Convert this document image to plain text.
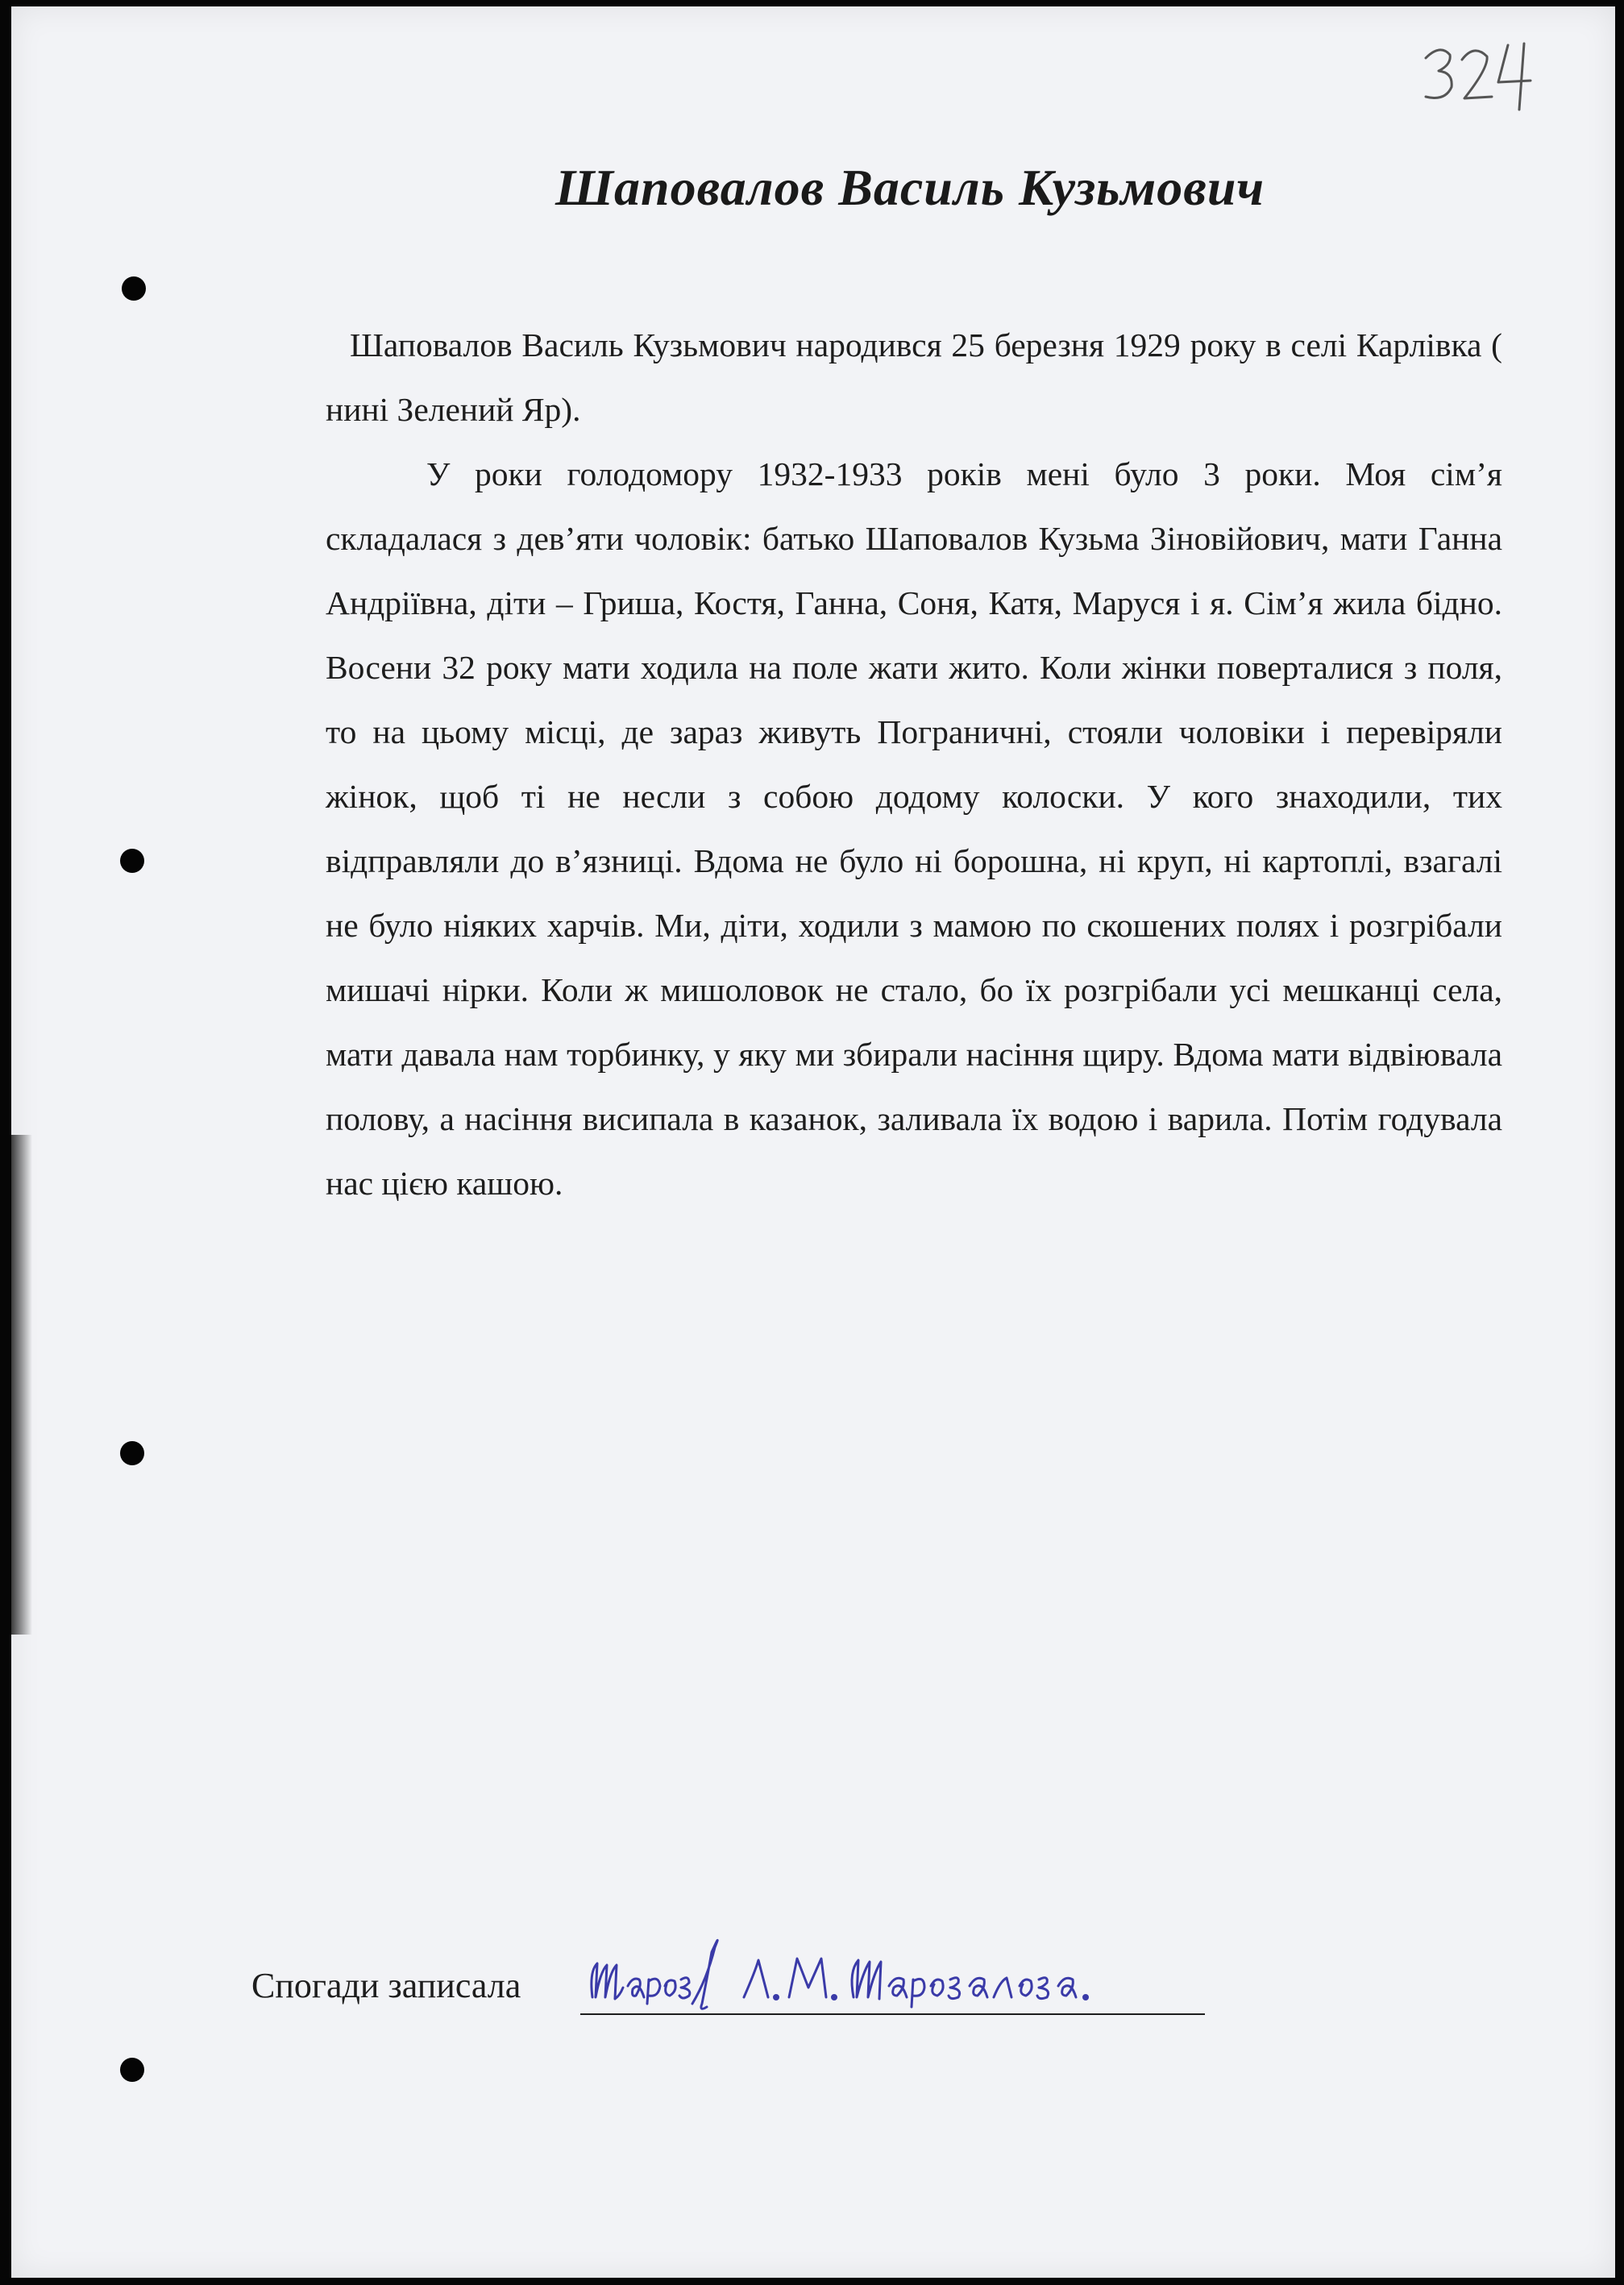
Шаповалов Василь Кузьмович

Шаповалов Василь Кузьмович народився 25 березня 1929 року в селі Карлівка ( нині Зелений Яр).

У роки голодомору 1932-1933 років мені було 3 роки. Моя сім’я складалася з дев’яти чоловік: батько Шаповалов Кузьма Зіновійович, мати Ганна Андріївна, діти – Гриша, Костя, Ганна, Соня, Катя, Маруся і я. Сім’я жила бідно. Восени 32 року мати ходила на поле жати жито. Коли жінки поверталися з поля, то на цьому місці, де зараз живуть Пограничні, стояли чоловіки і перевіряли жінок, щоб ті не несли з собою додому колоски. У кого знаходили, тих відправляли до в’язниці. Вдома не було ні борошна, ні круп, ні картоплі, взагалі не було ніяких харчів. Ми, діти, ходили з мамою по скошених полях і розгрібали мишачі нірки. Коли ж мишоловок не стало, бо їх розгрібали усі мешканці села, мати давала нам торбинку, у яку ми збирали насіння щиру. Вдома мати відвіювала полову, а насіння висипала в казанок, заливала їх водою і варила. Потім годувала нас цією кашою.

Спогади записала
